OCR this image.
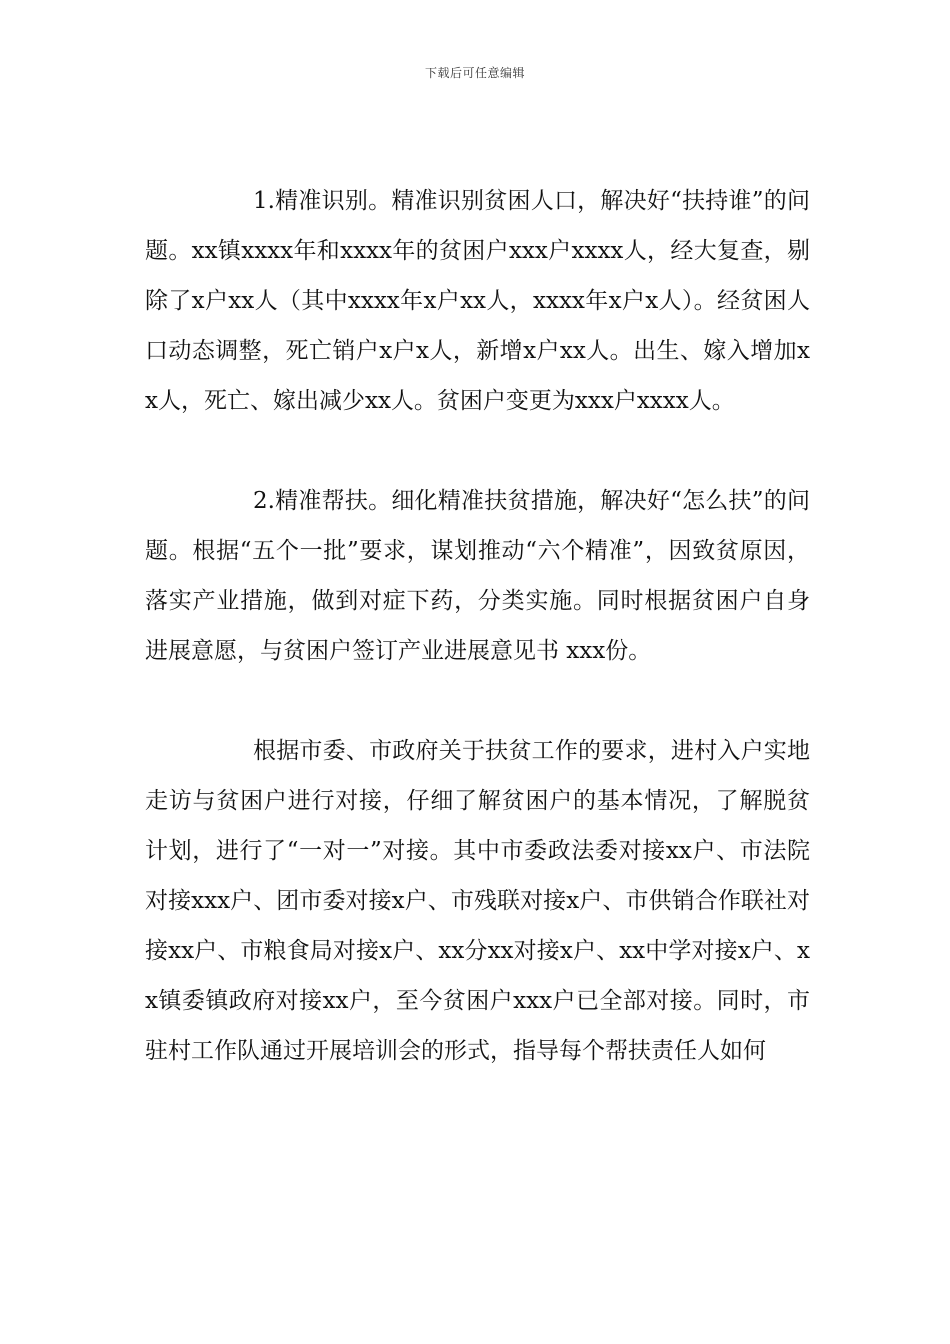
下载后可任意编辑

1.精准识别。精准识别贫困人口，解决好“扶持谁”的问题。xx镇xxxx年和xxxx年的贫困户xxx户xxxx人，经大复查，剔除了x户xx人（其中xxxx年x户xx人，xxxx年x户x人）。经贫困人口动态调整，死亡销户x户x人，新增x户xx人。出生、嫁入增加xx人，死亡、嫁出减少xx人。贫困户变更为xxx户xxxx人。

2.精准帮扶。细化精准扶贫措施，解决好“怎么扶”的问题。根据“五个一批”要求，谋划推动“六个精准”，因致贫原因，落实产业措施，做到对症下药，分类实施。同时根据贫困户自身进展意愿，与贫困户签订产业进展意见书 xxx份。

根据市委、市政府关于扶贫工作的要求，进村入户实地走访与贫困户进行对接，仔细了解贫困户的基本情况，了解脱贫计划，进行了“一对一”对接。其中市委政法委对接xx户、市法院对接xxx户、团市委对接x户、市残联对接x户、市供销合作联社对接xx户、市粮食局对接x户、xx分xx对接x户、xx中学对接x户、xx镇委镇政府对接xx户，至今贫困户xxx户已全部对接。同时，市驻村工作队通过开展培训会的形式，指导每个帮扶责任人如何
